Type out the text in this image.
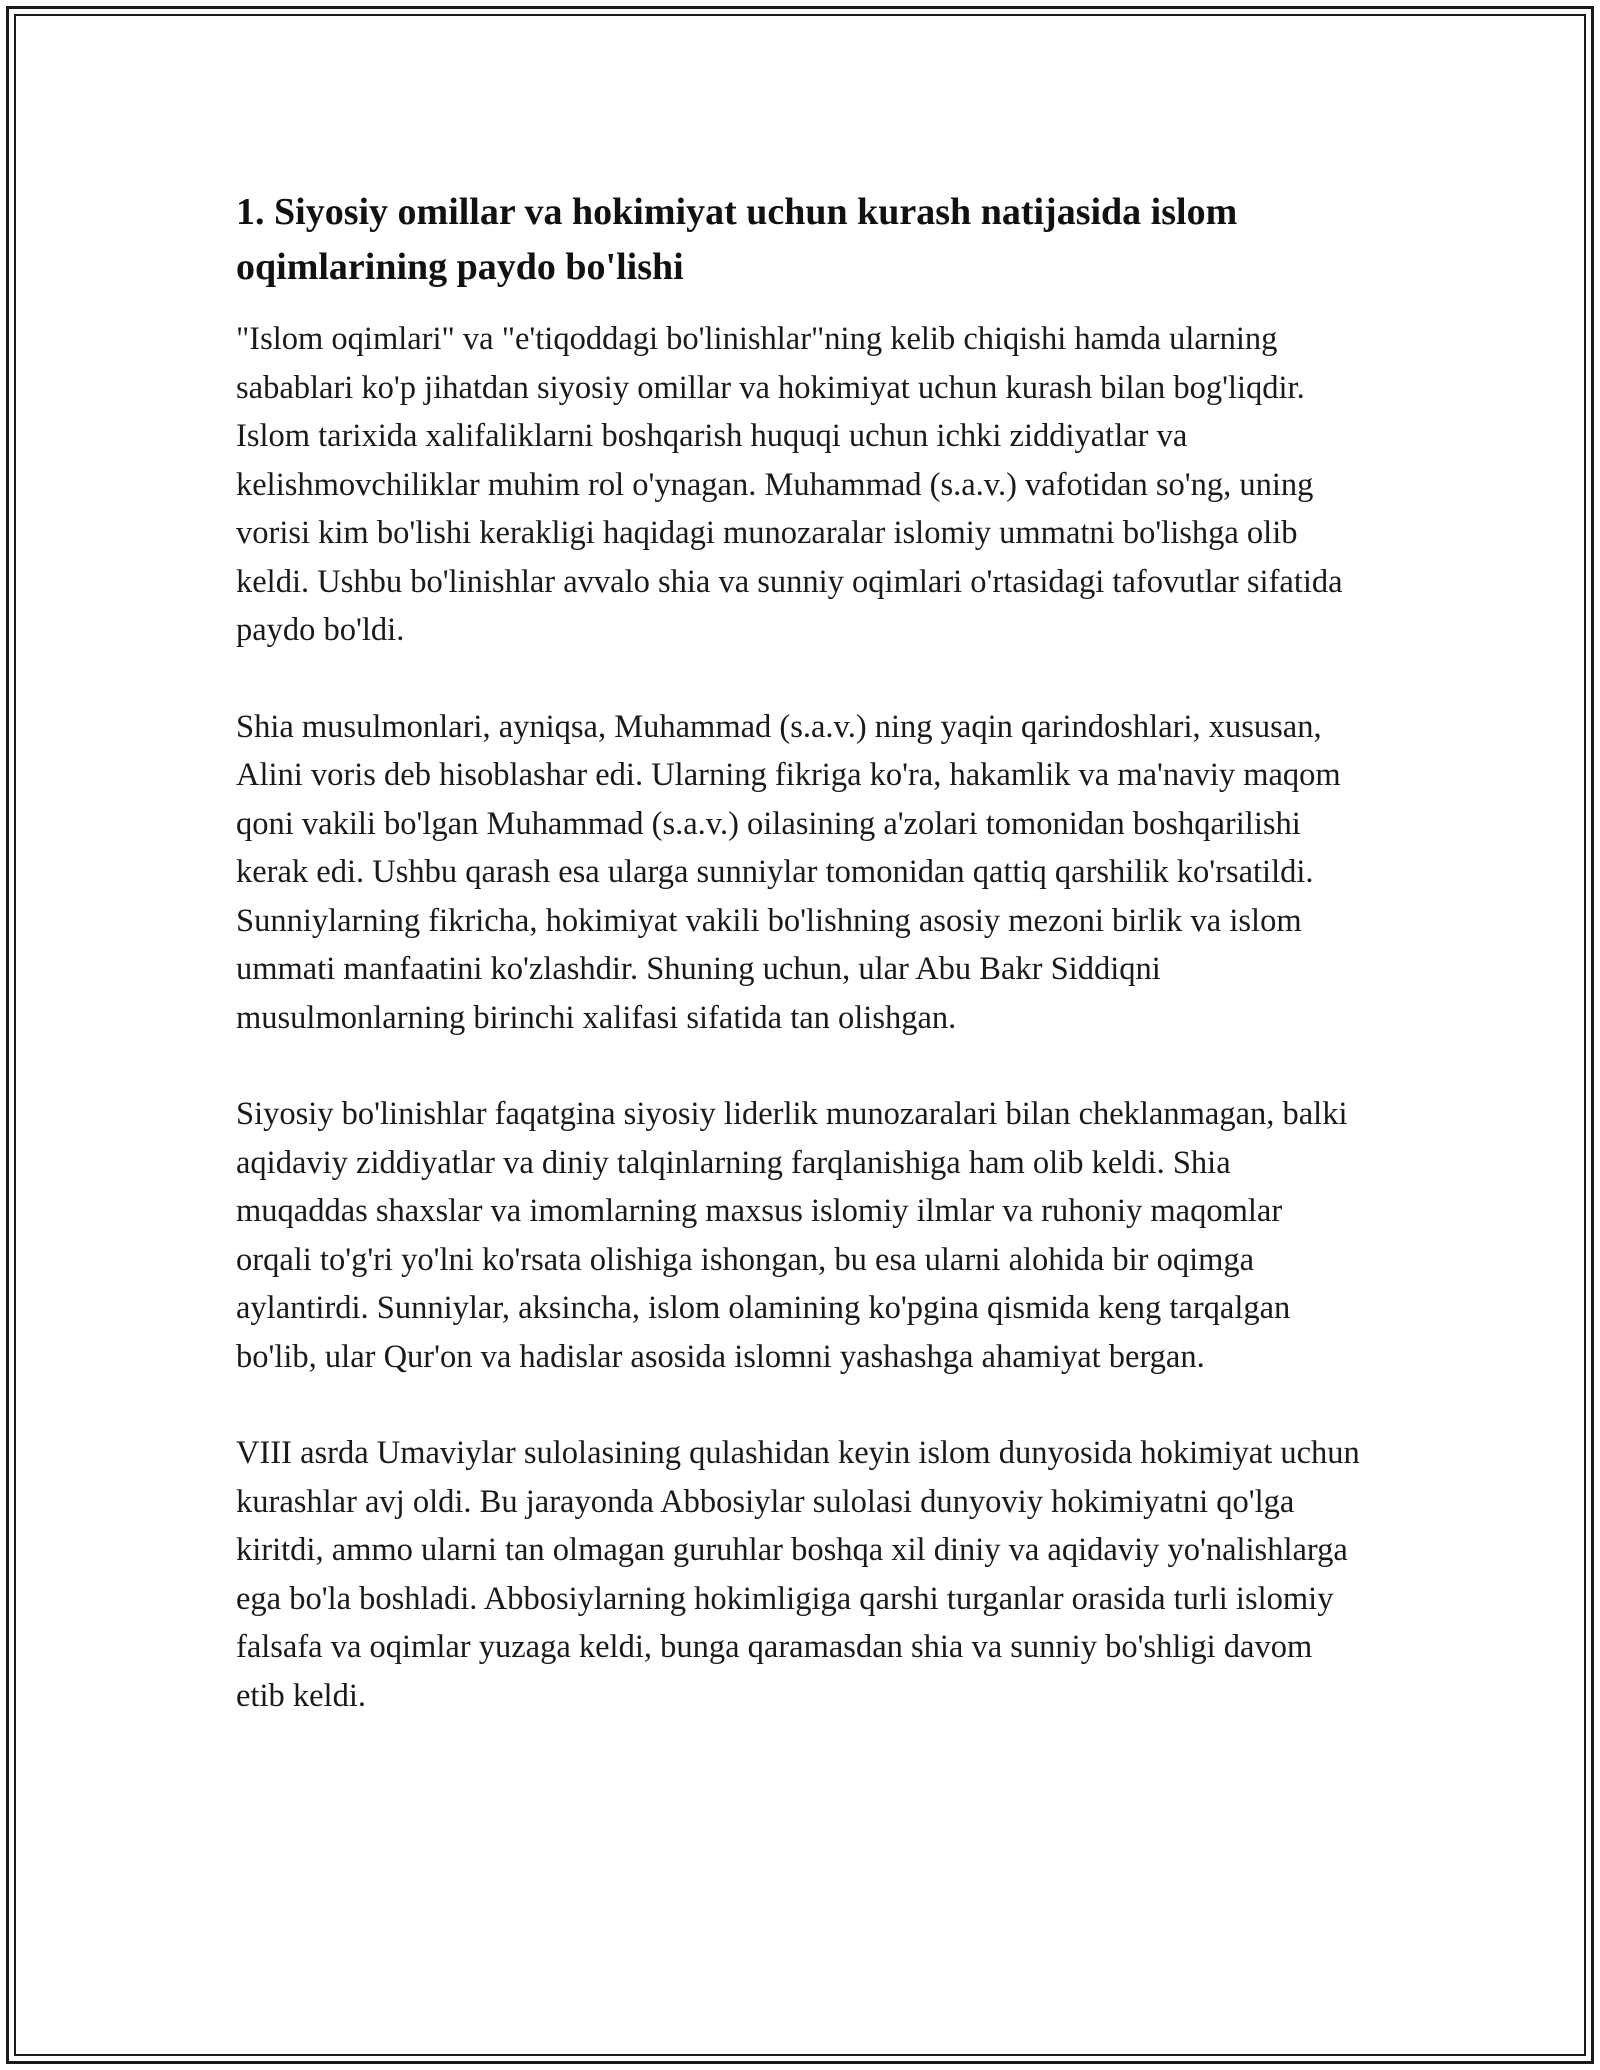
1. Siyosiy omillar va hokimiyat uchun kurash natijasida islom oqimlarining paydo bo'lishi

"Islom oqimlari" va "e'tiqoddagi bo'linishlar"ning kelib chiqishi hamda ularning sabablari ko'p jihatdan siyosiy omillar va hokimiyat uchun kurash bilan bog'liqdir. Islom tarixida xalifaliklarni boshqarish huquqi uchun ichki ziddiyatlar va kelishmovchiliklar muhim rol o'ynagan. Muhammad (s.a.v.) vafotidan so'ng, uning vorisi kim bo'lishi kerakligi haqidagi munozaralar islomiy ummatni bo'lishga olib keldi. Ushbu bo'linishlar avvalo shia va sunniy oqimlari o'rtasidagi tafovutlar sifatida paydo bo'ldi.

Shia musulmonlari, ayniqsa, Muhammad (s.a.v.) ning yaqin qarindoshlari, xususan, Alini voris deb hisoblashar edi. Ularning fikriga ko'ra, hakamlik va ma'naviy maqom qoni vakili bo'lgan Muhammad (s.a.v.) oilasining a'zolari tomonidan boshqarilishi kerak edi. Ushbu qarash esa ularga sunniylar tomonidan qattiq qarshilik ko'rsatildi. Sunniylarning fikricha, hokimiyat vakili bo'lishning asosiy mezoni birlik va islom ummati manfaatini ko'zlashdir. Shuning uchun, ular Abu Bakr Siddiqni musulmonlarning birinchi xalifasi sifatida tan olishgan.

Siyosiy bo'linishlar faqatgina siyosiy liderlik munozaralari bilan cheklanmagan, balki aqidaviy ziddiyatlar va diniy talqinlarning farqlanishiga ham olib keldi. Shia muqaddas shaxslar va imomlarning maxsus islomiy ilmlar va ruhoniy maqomlar orqali to'g'ri yo'lni ko'rsata olishiga ishongan, bu esa ularni alohida bir oqimga aylantirdi. Sunniylar, aksincha, islom olamining ko'pgina qismida keng tarqalgan bo'lib, ular Qur'on va hadislar asosida islomni yashashga ahamiyat bergan.

VIII asrda Umaviylar sulolasining qulashidan keyin islom dunyosida hokimiyat uchun kurashlar avj oldi. Bu jarayonda Abbosiylar sulolasi dunyoviy hokimiyatni qo'lga kiritdi, ammo ularni tan olmagan guruhlar boshqa xil diniy va aqidaviy yo'nalishlarga ega bo'la boshladi. Abbosiylarning hokimligiga qarshi turganlar orasida turli islomiy falsafa va oqimlar yuzaga keldi, bunga qaramasdan shia va sunniy bo'shligi davom etib keldi.
